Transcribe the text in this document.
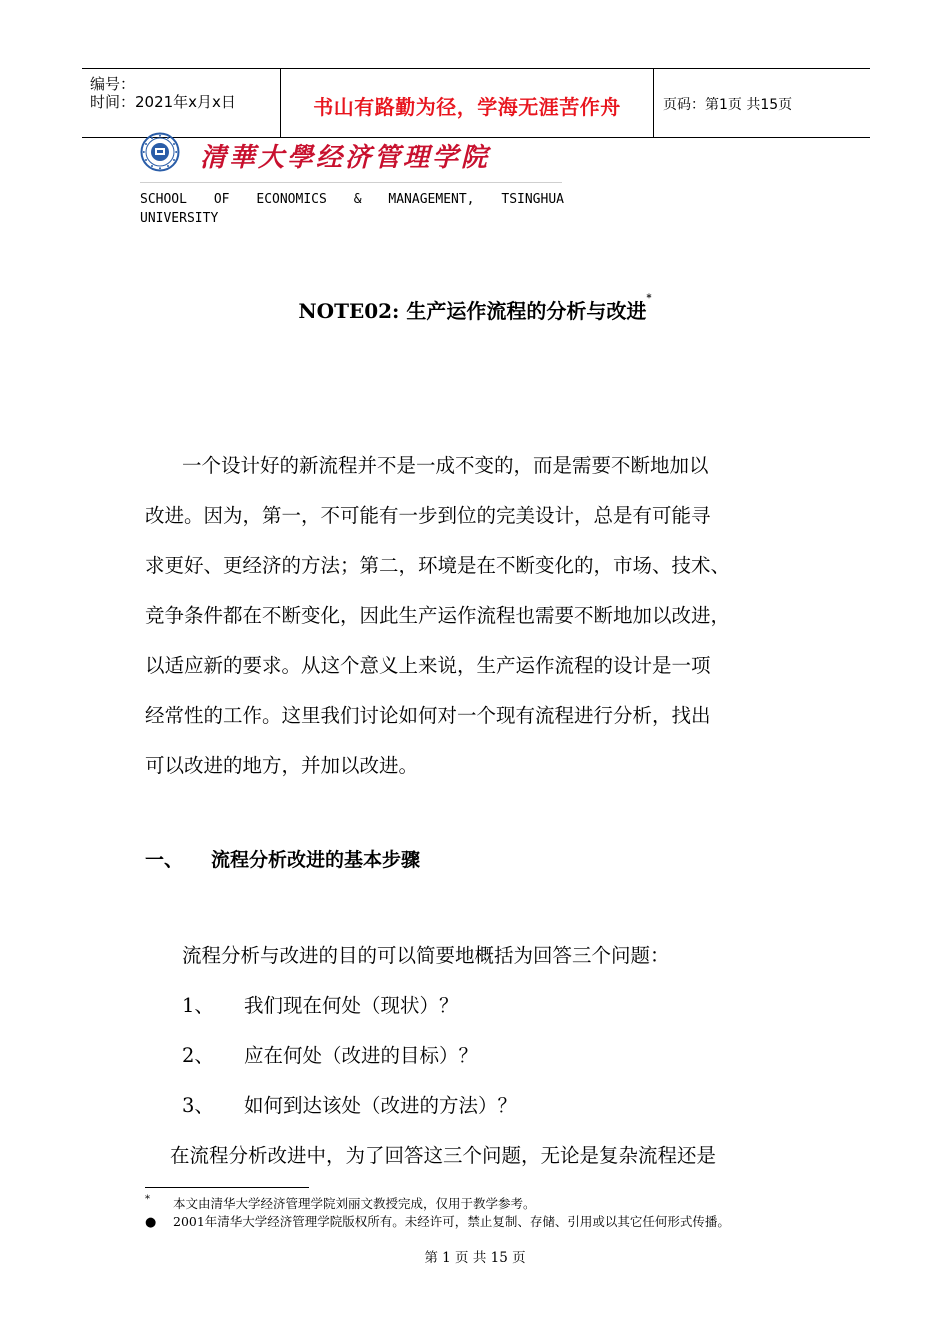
编号：
时间：2021年x月x日	书山有路勤为径，学海无涯苦作舟	页码：第1页 共15页
清華大學经济管理学院
SCHOOL OF ECONOMICS & MANAGEMENT, TSINGHUA
UNIVERSITY
NOTE02: 生产运作流程的分析与改进*
一个设计好的新流程并不是一成不变的，而是需要不断地加以
改进。因为，第一，不可能有一步到位的完美设计，总是有可能寻
求更好、更经济的方法；第二，环境是在不断变化的，市场、技术、
竞争条件都在不断变化，因此生产运作流程也需要不断地加以改进，
以适应新的要求。从这个意义上来说，生产运作流程的设计是一项
经常性的工作。这里我们讨论如何对一个现有流程进行分析，找出
可以改进的地方，并加以改进。
一、 流程分析改进的基本步骤
流程分析与改进的目的可以简要地概括为回答三个问题：
1、 我们现在何处（现状）？
2、 应在何处（改进的目标）？
3、 如何到达该处（改进的方法）？
在流程分析改进中，为了回答这三个问题，无论是复杂流程还是
* 本文由清华大学经济管理学院刘丽文教授完成，仅用于教学参考。
● 2001年清华大学经济管理学院版权所有。未经许可，禁止复制、存储、引用或以其它任何形式传播。
第 1 页 共 15 页
